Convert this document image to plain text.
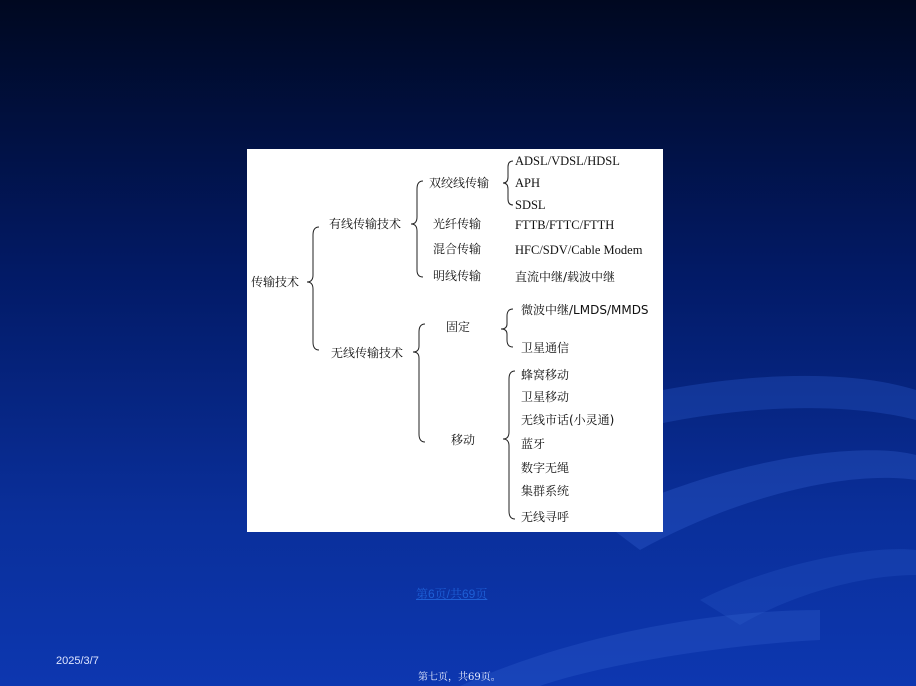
传输技术
有线传输技术
双绞线传输
ADSL/VDSL/HDSL
APH
SDSL
光纤传输	FTTB/FTTC/FTTH
混合传输	HFC/SDV/Cable Modem
明线传输	直流中继/载波中继
无线传输技术
固定
微波中继/LMDS/MMDS
卫星通信
移动
蜂窝移动
卫星移动
无线市话(小灵通)
蓝牙
数字无绳
集群系统
无线寻呼
第6页/共69页
2025/3/7
第七页，共69页。
